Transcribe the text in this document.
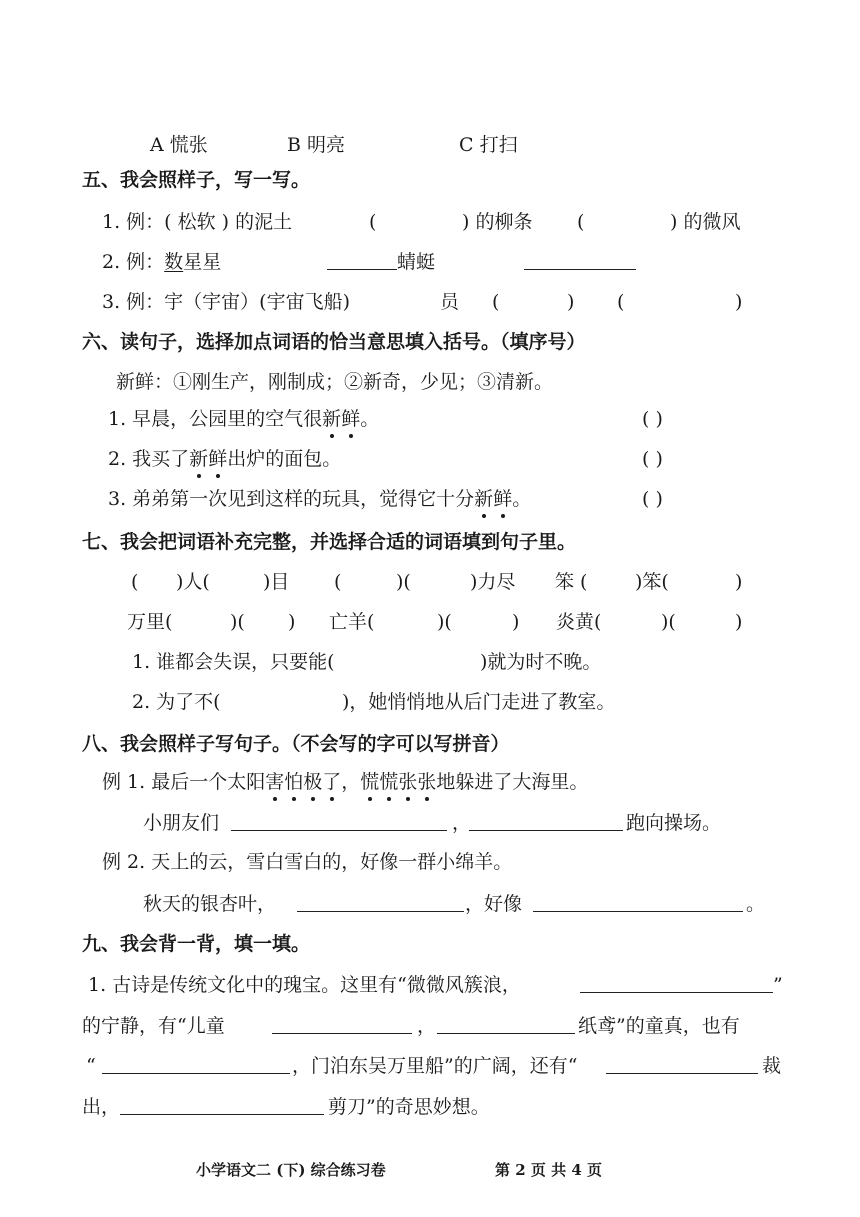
A 慌张	B 明亮	C 打扫
五、我会照样子，写一写。
1. 例：( 松软 ) 的泥土	(	) 的柳条 (	) 的微风
2. 例：数星星	蜻蜓
3. 例：宇（宇宙）(宇宙飞船)	员 (	) (	)
六、读句子，选择加点词语的恰当意思填入括号。（填序号）
新鲜：①刚生产，刚制成；②新奇，少见；③清新。
1. 早晨，公园里的空气很新鲜。	( )
2. 我买了新鲜出炉的面包。	( )
3. 弟弟第一次见到这样的玩具，觉得它十分新鲜。	( )
七、我会把词语补充完整，并选择合适的词语填到句子里。
( )人(	)目 (	)(	)力尽 笨 (	)笨(	)
万里(	)( ) 亡羊(	)(	) 炎黄(	)(	)
1. 谁都会失误，只要能(	)就为时不晚。
2. 为了不(	)，她悄悄地从后门走进了教室。
八、我会照样子写句子。（不会写的字可以写拼音）
例 1. 最后一个太阳害怕极了，慌慌张张地躲进了大海里。
小朋友们	，	跑向操场。
例 2. 天上的云，雪白雪白的，好像一群小绵羊。
秋天的银杏叶，	，好像	。
九、我会背一背，填一填。
1. 古诗是传统文化中的瑰宝。这里有“微微风簇浪，	”
的宁静，有“儿童	，	纸鸢”的童真，也有
“	，门泊东吴万里船”的广阔，还有“	裁
出，	剪刀”的奇思妙想。
小学语文二 (下) 综合练习卷	第 2 页 共 4 页
